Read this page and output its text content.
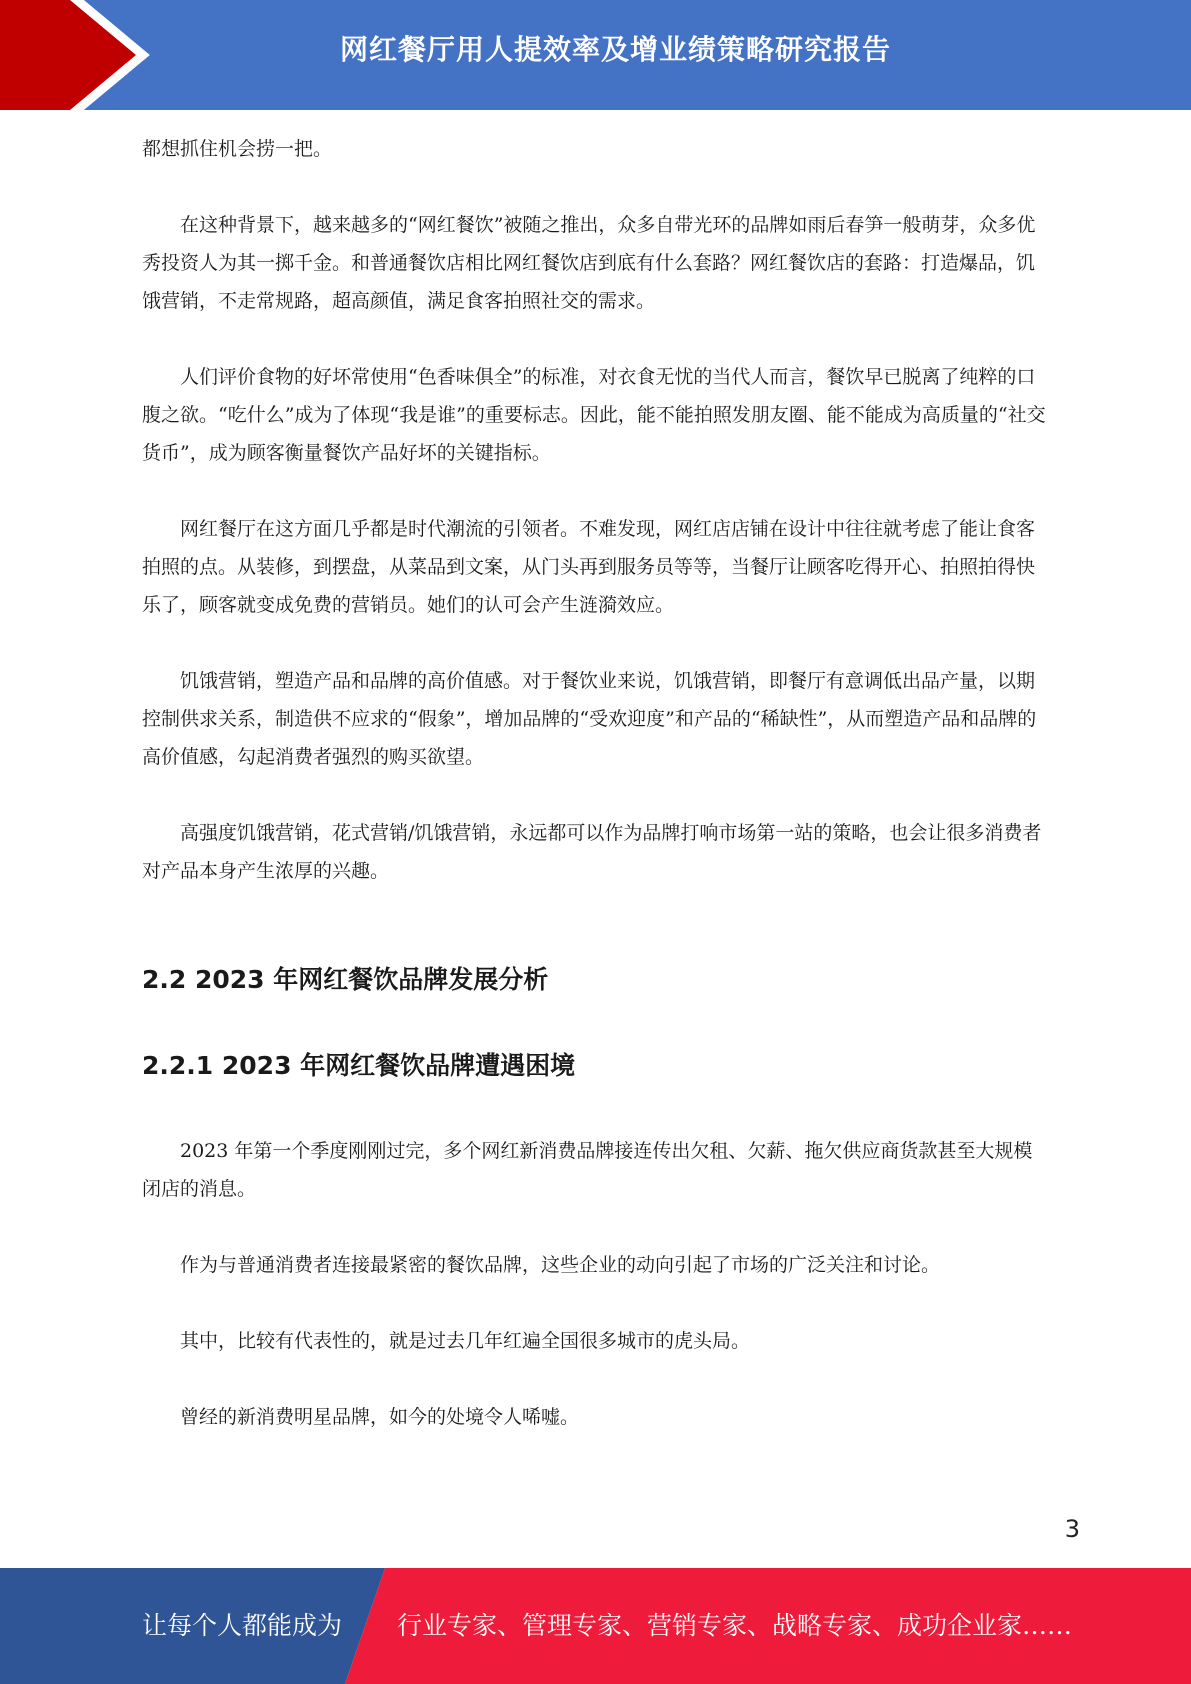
网红餐厅用人提效率及增业绩策略研究报告

都想抓住机会捞一把。

在这种背景下，越来越多的“网红餐饮”被随之推出，众多自带光环的品牌如雨后春笋一般萌芽，众多优秀投资人为其一掷千金。和普通餐饮店相比网红餐饮店到底有什么套路？网红餐饮店的套路：打造爆品，饥饿营销，不走常规路，超高颜值，满足食客拍照社交的需求。

人们评价食物的好坏常使用“色香味俱全”的标准，对衣食无忧的当代人而言，餐饮早已脱离了纯粹的口腹之欲。“吃什么”成为了体现“我是谁”的重要标志。因此，能不能拍照发朋友圈、能不能成为高质量的“社交货币”，成为顾客衡量餐饮产品好坏的关键指标。

网红餐厅在这方面几乎都是时代潮流的引领者。不难发现，网红店店铺在设计中往往就考虑了能让食客拍照的点。从装修，到摆盘，从菜品到文案，从门头再到服务员等等，当餐厅让顾客吃得开心、拍照拍得快乐了，顾客就变成免费的营销员。她们的认可会产生涟漪效应。

饥饿营销，塑造产品和品牌的高价值感。对于餐饮业来说，饥饿营销，即餐厅有意调低出品产量，以期控制供求关系，制造供不应求的“假象”，增加品牌的“受欢迎度”和产品的“稀缺性”，从而塑造产品和品牌的高价值感，勾起消费者强烈的购买欲望。

高强度饥饿营销，花式营销/饥饿营销，永远都可以作为品牌打响市场第一站的策略，也会让很多消费者对产品本身产生浓厚的兴趣。

2.2 2023 年网红餐饮品牌发展分析
2.2.1 2023 年网红餐饮品牌遭遇困境

2023 年第一个季度刚刚过完，多个网红新消费品牌接连传出欠租、欠薪、拖欠供应商货款甚至大规模闭店的消息。

作为与普通消费者连接最紧密的餐饮品牌，这些企业的动向引起了市场的广泛关注和讨论。

其中，比较有代表性的，就是过去几年红遍全国很多城市的虎头局。

曾经的新消费明星品牌，如今的处境令人唏嘘。

3
让每个人都能成为 行业专家、管理专家、营销专家、战略专家、成功企业家……
